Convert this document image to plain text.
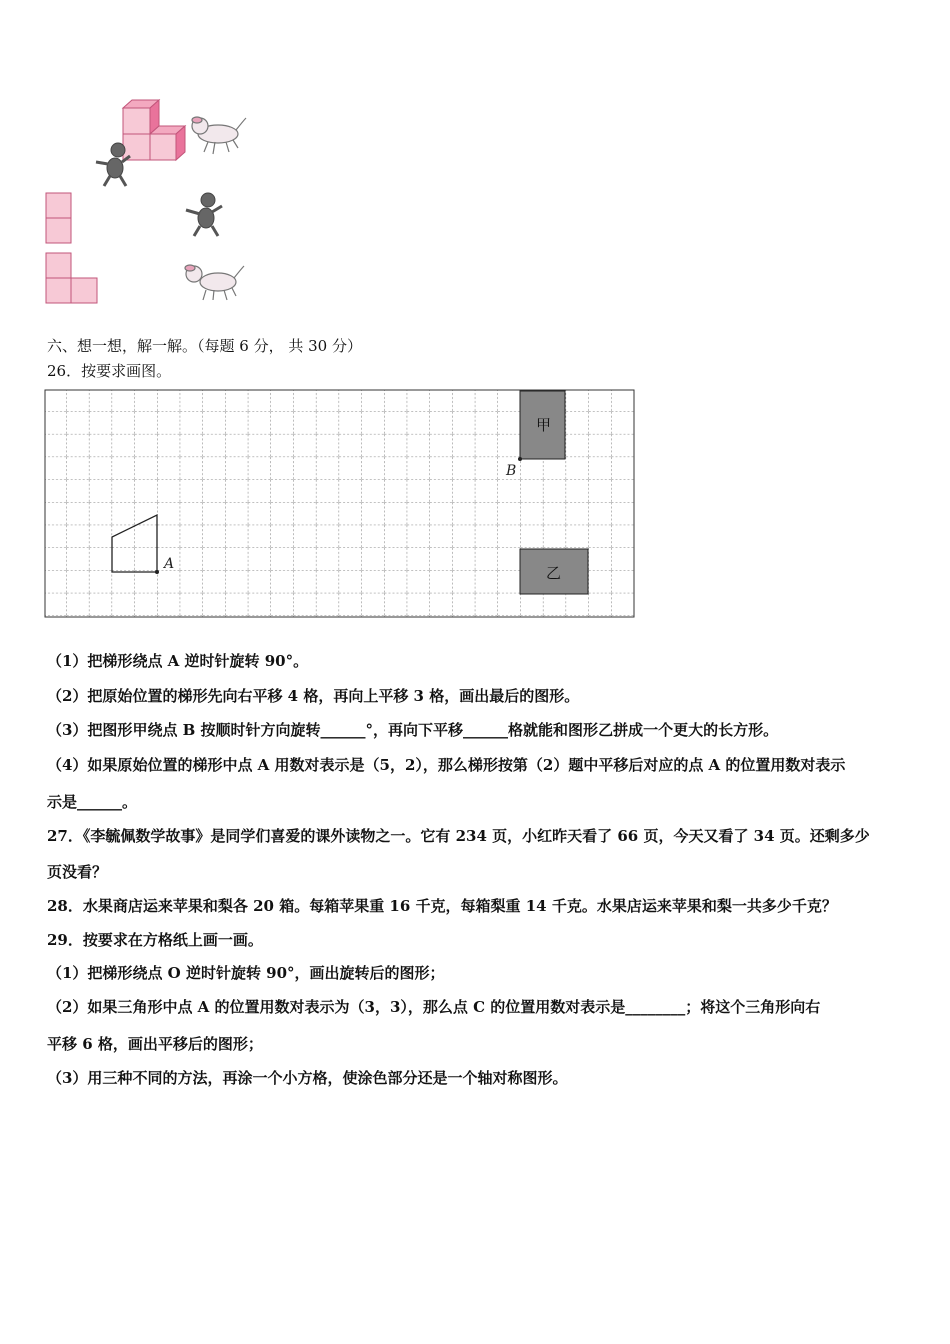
六、想一想，解一解。（每题 6 分， 共 30 分）
26．按要求画图。
A
甲
B
乙
（1）把梯形绕点 A 逆时针旋转 90°。
（2）把原始位置的梯形先向右平移 4 格，再向上平移 3 格，画出最后的图形。
（3）把图形甲绕点 B 按顺时针方向旋转______°，再向下平移______格就能和图形乙拼成一个更大的长方形。
（4）如果原始位置的梯形中点 A 用数对表示是（5，2），那么梯形按第（2）题中平移后对应的点 A 的位置用数对表示
示是______。
27．《李毓佩数学故事》是同学们喜爱的课外读物之一。它有 234 页，小红昨天看了 66 页，今天又看了 34 页。还剩多少
页没看？
28．水果商店运来苹果和梨各 20 箱。每箱苹果重 16 千克，每箱梨重 14 千克。水果店运来苹果和梨一共多少千克？
29．按要求在方格纸上画一画。
（1）把梯形绕点 O 逆时针旋转 90°，画出旋转后的图形；
（2）如果三角形中点 A 的位置用数对表示为（3，3），那么点 C 的位置用数对表示是________；将这个三角形向右
平移 6 格，画出平移后的图形；
（3）用三种不同的方法，再涂一个小方格，使涂色部分还是一个轴对称图形。
